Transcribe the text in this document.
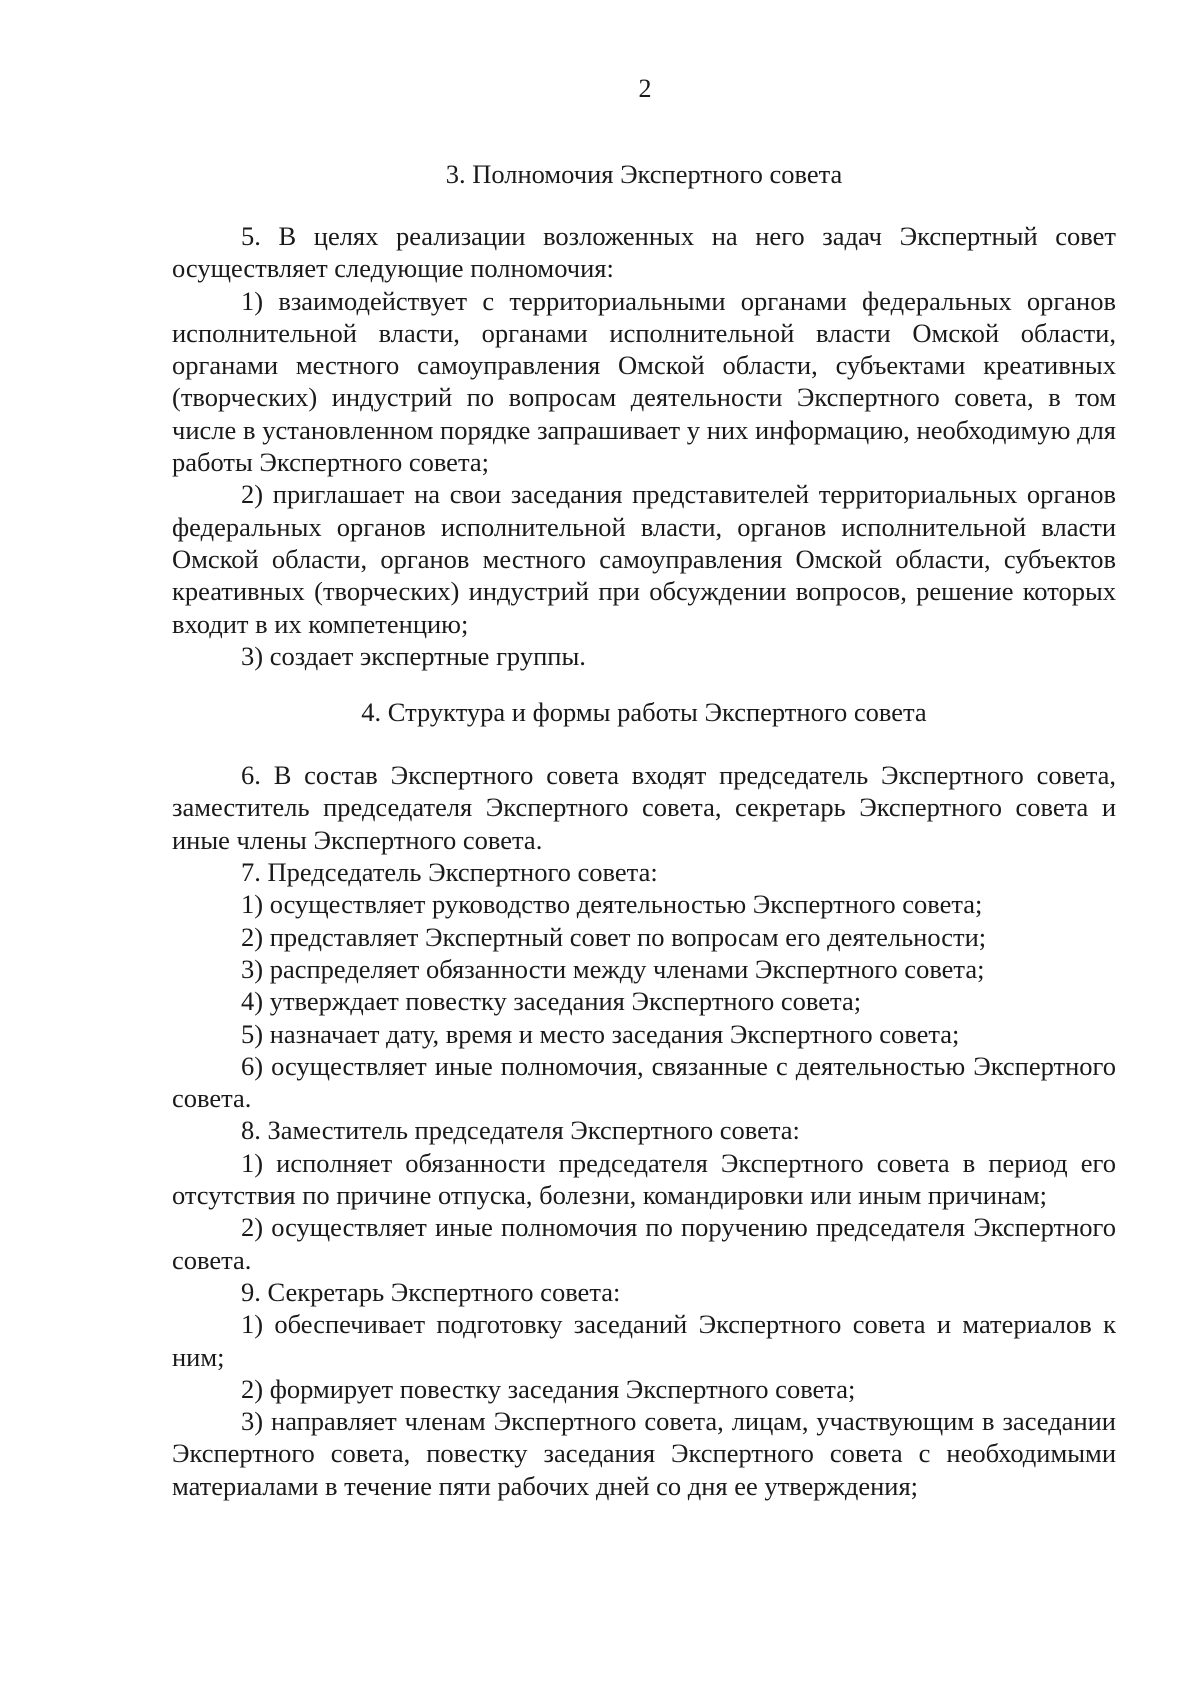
2
3. Полномочия Экспертного совета

5. В целях реализации возложенных на него задач Экспертный совет осуществляет следующие полномочия:

1) взаимодействует с территориальными органами федеральных органов исполнительной власти, органами исполнительной власти Омской области, органами местного самоуправления Омской области, субъектами креативных (творческих) индустрий по вопросам деятельности Экспертного совета, в том числе в установленном порядке запрашивает у них информацию, необходимую для работы Экспертного совета;

2) приглашает на свои заседания представителей территориальных органов федеральных органов исполнительной власти, органов исполнительной власти Омской области, органов местного самоуправления Омской области, субъектов креативных (творческих) индустрий при обсуждении вопросов, решение которых входит в их компетенцию;

3) создает экспертные группы.

4. Структура и формы работы Экспертного совета

6. В состав Экспертного совета входят председатель Экспертного совета, заместитель председателя Экспертного совета, секретарь Экспертного совета и иные члены Экспертного совета.

7. Председатель Экспертного совета:

1) осуществляет руководство деятельностью Экспертного совета;

2) представляет Экспертный совет по вопросам его деятельности;

3) распределяет обязанности между членами Экспертного совета;

4) утверждает повестку заседания Экспертного совета;

5) назначает дату, время и место заседания Экспертного совета;

6) осуществляет иные полномочия, связанные с деятельностью Экспертного совета.

8. Заместитель председателя Экспертного совета:

1) исполняет обязанности председателя Экспертного совета в период его отсутствия по причине отпуска, болезни, командировки или иным причинам;

2) осуществляет иные полномочия по поручению председателя Экспертного совета.

9. Секретарь Экспертного совета:

1) обеспечивает подготовку заседаний Экспертного совета и материалов к ним;

2) формирует повестку заседания Экспертного совета;

3) направляет членам Экспертного совета, лицам, участвующим в заседании Экспертного совета, повестку заседания Экспертного совета с необходимыми материалами в течение пяти рабочих дней со дня ее утверждения;
